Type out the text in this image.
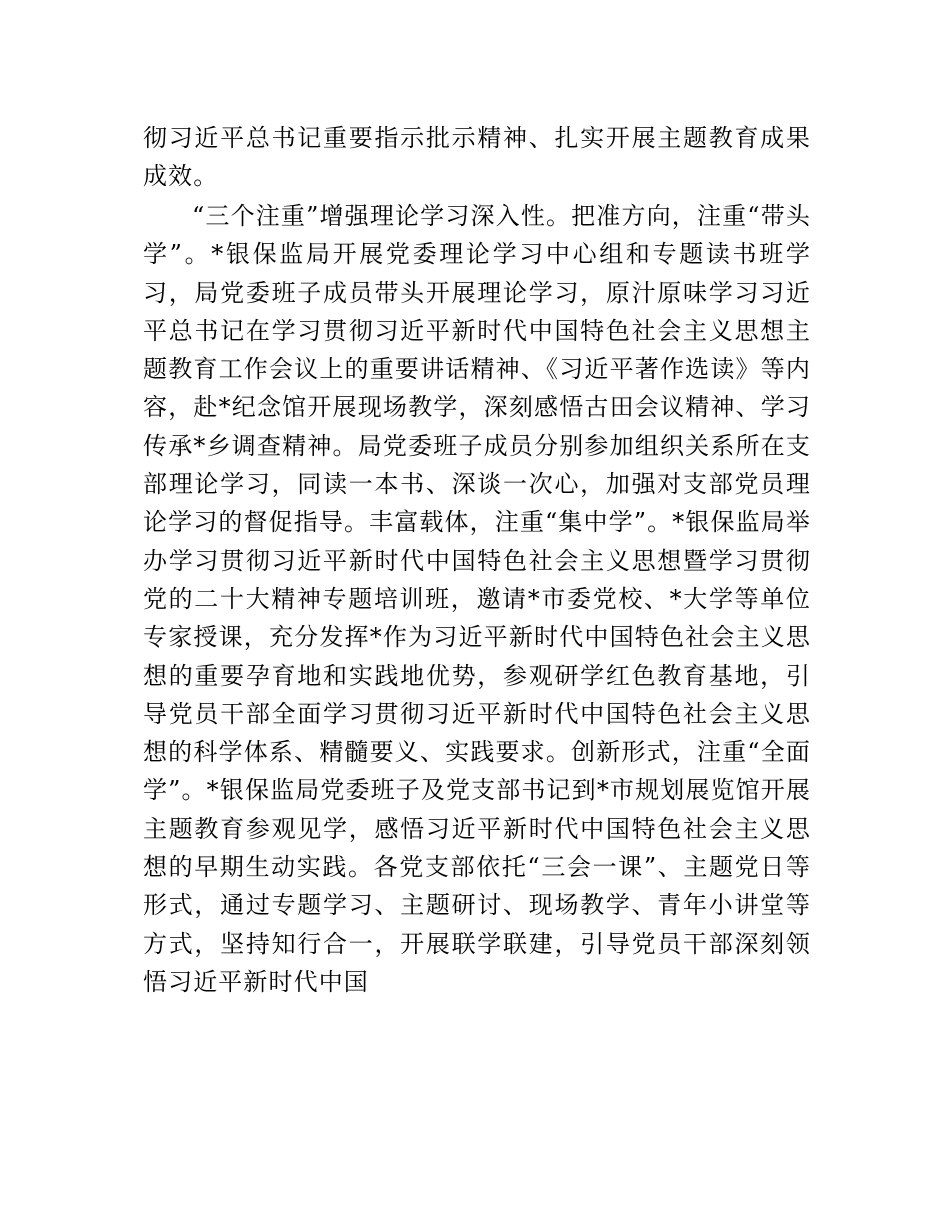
彻习近平总书记重要指示批示精神、扎实开展主题教育成果成效。

“三个注重”增强理论学习深入性。把准方向，注重“带头学”。*银保监局开展党委理论学习中心组和专题读书班学习，局党委班子成员带头开展理论学习，原汁原味学习习近平总书记在学习贯彻习近平新时代中国特色社会主义思想主题教育工作会议上的重要讲话精神、《习近平著作选读》等内容，赴*纪念馆开展现场教学，深刻感悟古田会议精神、学习传承*乡调查精神。局党委班子成员分别参加组织关系所在支部理论学习，同读一本书、深谈一次心，加强对支部党员理论学习的督促指导。丰富载体，注重“集中学”。*银保监局举办学习贯彻习近平新时代中国特色社会主义思想暨学习贯彻党的二十大精神专题培训班，邀请*市委党校、*大学等单位专家授课，充分发挥*作为习近平新时代中国特色社会主义思想的重要孕育地和实践地优势，参观研学红色教育基地，引导党员干部全面学习贯彻习近平新时代中国特色社会主义思想的科学体系、精髓要义、实践要求。创新形式，注重“全面学”。*银保监局党委班子及党支部书记到*市规划展览馆开展主题教育参观见学，感悟习近平新时代中国特色社会主义思想的早期生动实践。各党支部依托“三会一课”、主题党日等形式，通过专题学习、主题研讨、现场教学、青年小讲堂等方式，坚持知行合一，开展联学联建，引导党员干部深刻领悟习近平新时代中国
